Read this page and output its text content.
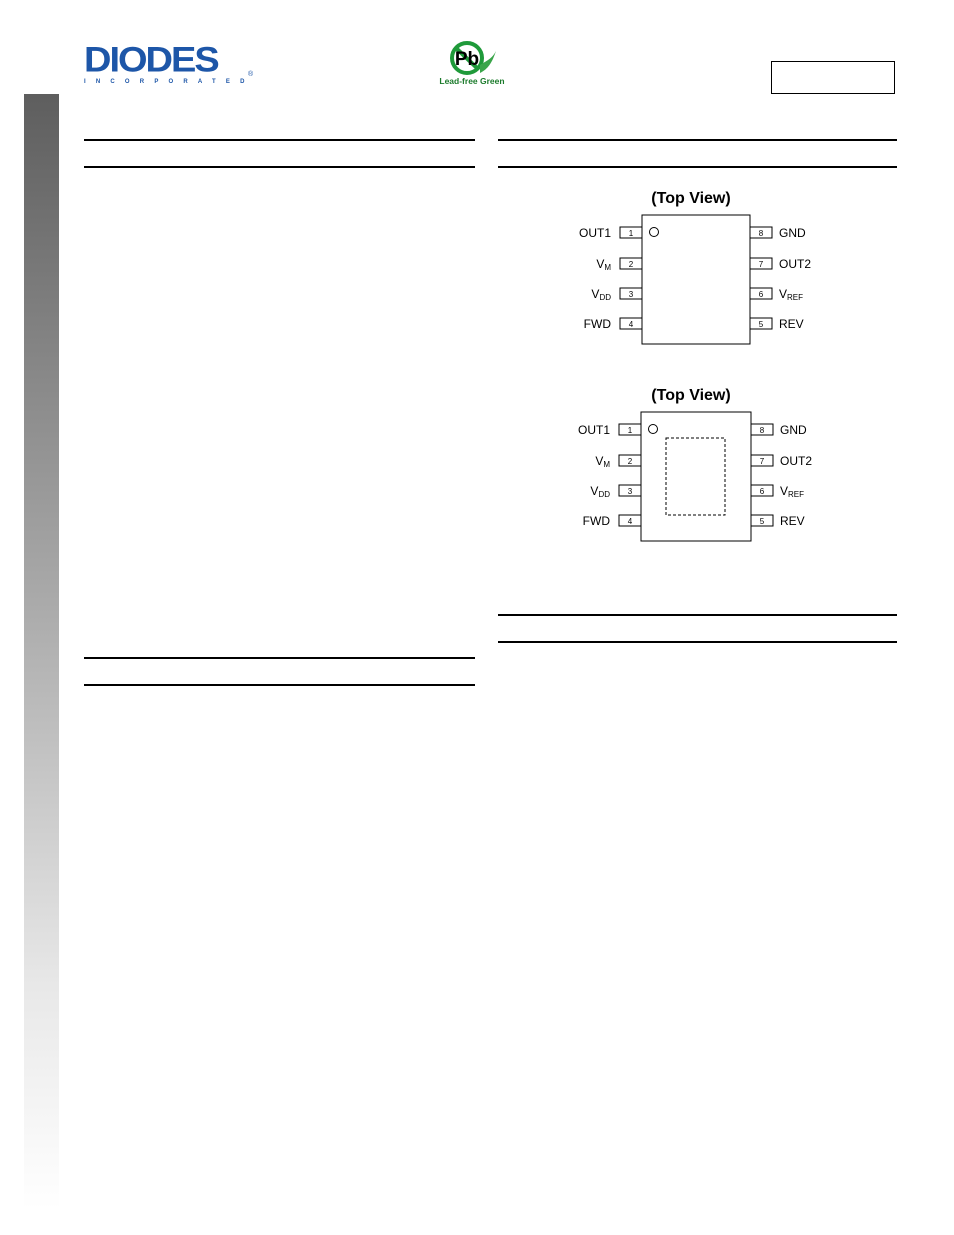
DIODES	®
INCORPORATED
Pb
Lead-free Green
(Top View)
1
OUT1
2
VM
3
VDD
4
FWD
8 GND
7 OUT2
6 VREF
5 REV
(Top View)
1
OUT1
2
VM
3
VDD
4
FWD
8 GND
7 OUT2
6 VREF
5 REV
